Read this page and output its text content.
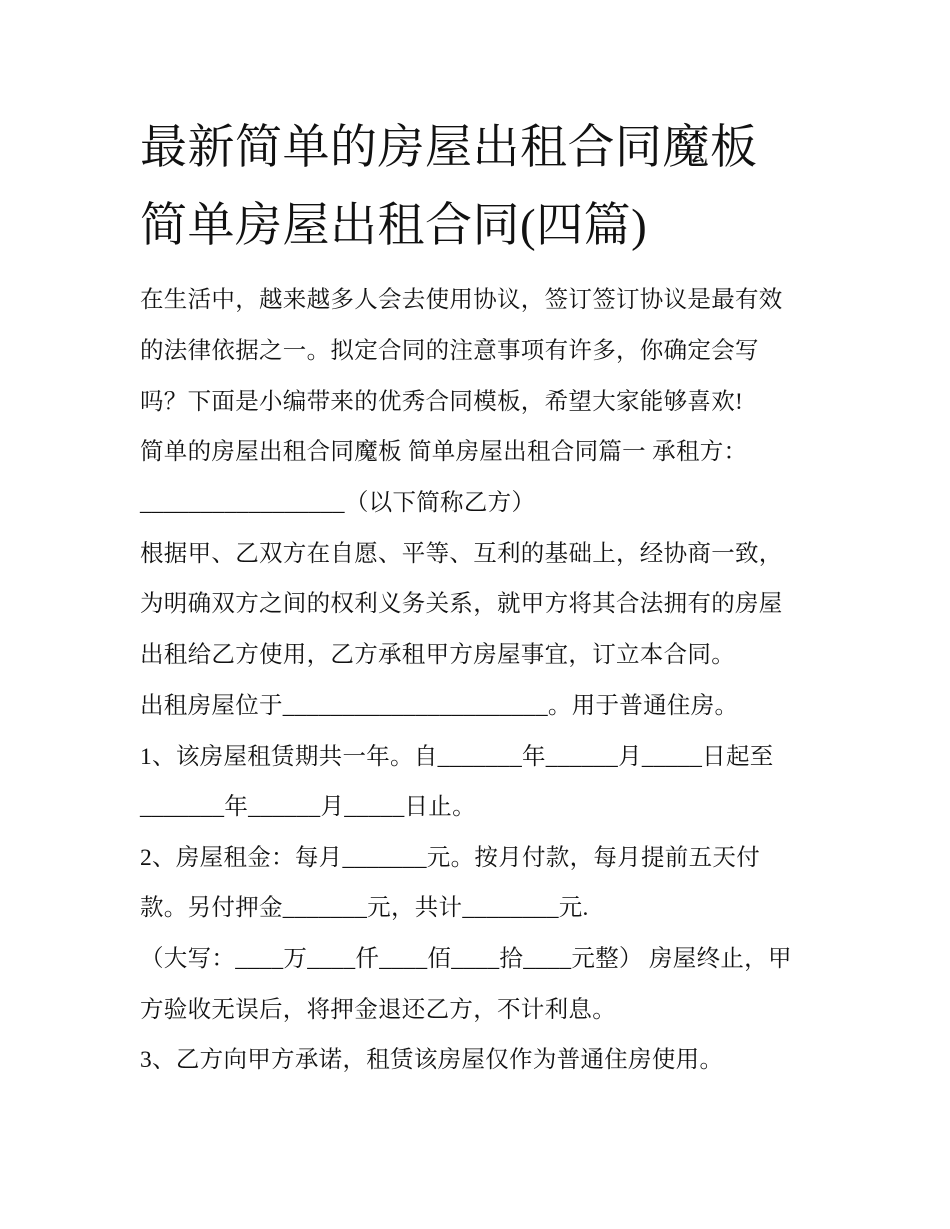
最新简单的房屋出租合同魔板
简单房屋出租合同(四篇)
在生活中，越来越多人会去使用协议，签订签订协议是最有效
的法律依据之一。拟定合同的注意事项有许多，你确定会写
吗？下面是小编带来的优秀合同模板，希望大家能够喜欢!
简单的房屋出租合同魔板 简单房屋出租合同篇一 承租方：
_________________（以下简称乙方）
根据甲、乙双方在自愿、平等、互利的基础上，经协商一致，
为明确双方之间的权利义务关系，就甲方将其合法拥有的房屋
出租给乙方使用，乙方承租甲方房屋事宜，订立本合同。
出租房屋位于______________________。用于普通住房。
1、该房屋租赁期共一年。自_______年______月_____日起至
_______年______月_____日止。
2、房屋租金：每月_______元。按月付款，每月提前五天付
款。另付押金_______元，共计________元.
（大写：____万____仟____佰____拾____元整） 房屋终止，甲
方验收无误后，将押金退还乙方，不计利息。
3、乙方向甲方承诺，租赁该房屋仅作为普通住房使用。
